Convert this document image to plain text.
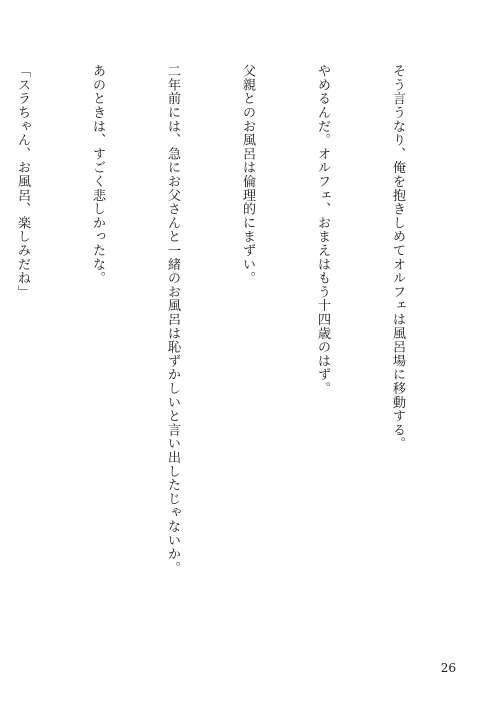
そう言うなり、俺を抱きしめてオルフェは風呂場に移動する。

やめるんだ。オルフェ、おまえはもう十四歳のはず。

父親とのお風呂は倫理的にまずい。

二年前には、急にお父さんと一緒のお風呂は恥ずかしいと言い出したじゃないか。

あのときは、すごく悲しかったな。

「スラちゃん、お風呂、楽しみだね」

26
